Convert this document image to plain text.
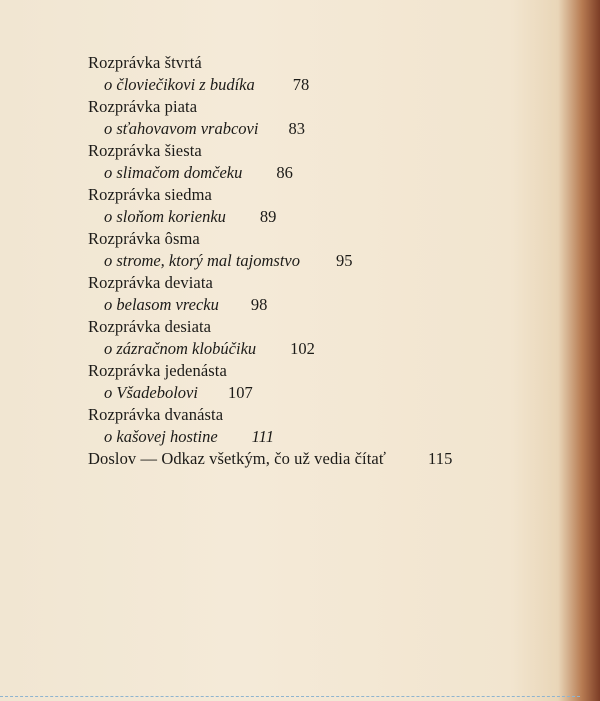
Rozprávka štvrtá
o človiečikovi z budíka 78
Rozprávka piata
o sťahovavom vrabcovi 83
Rozprávka šiesta
o slimačom domčeku 86
Rozprávka siedma
o sloňom korienku 89
Rozprávka ôsma
o strome, ktorý mal tajomstvo 95
Rozprávka deviata
o belasom vrecku 98
Rozprávka desiata
o zázračnom klobúčiku 102
Rozprávka jedenásta
o Všadebolovi 107
Rozprávka dvanásta
o kašovej hostine 111
Doslov — Odkaz všetkým, čo už vedia čítať	115
